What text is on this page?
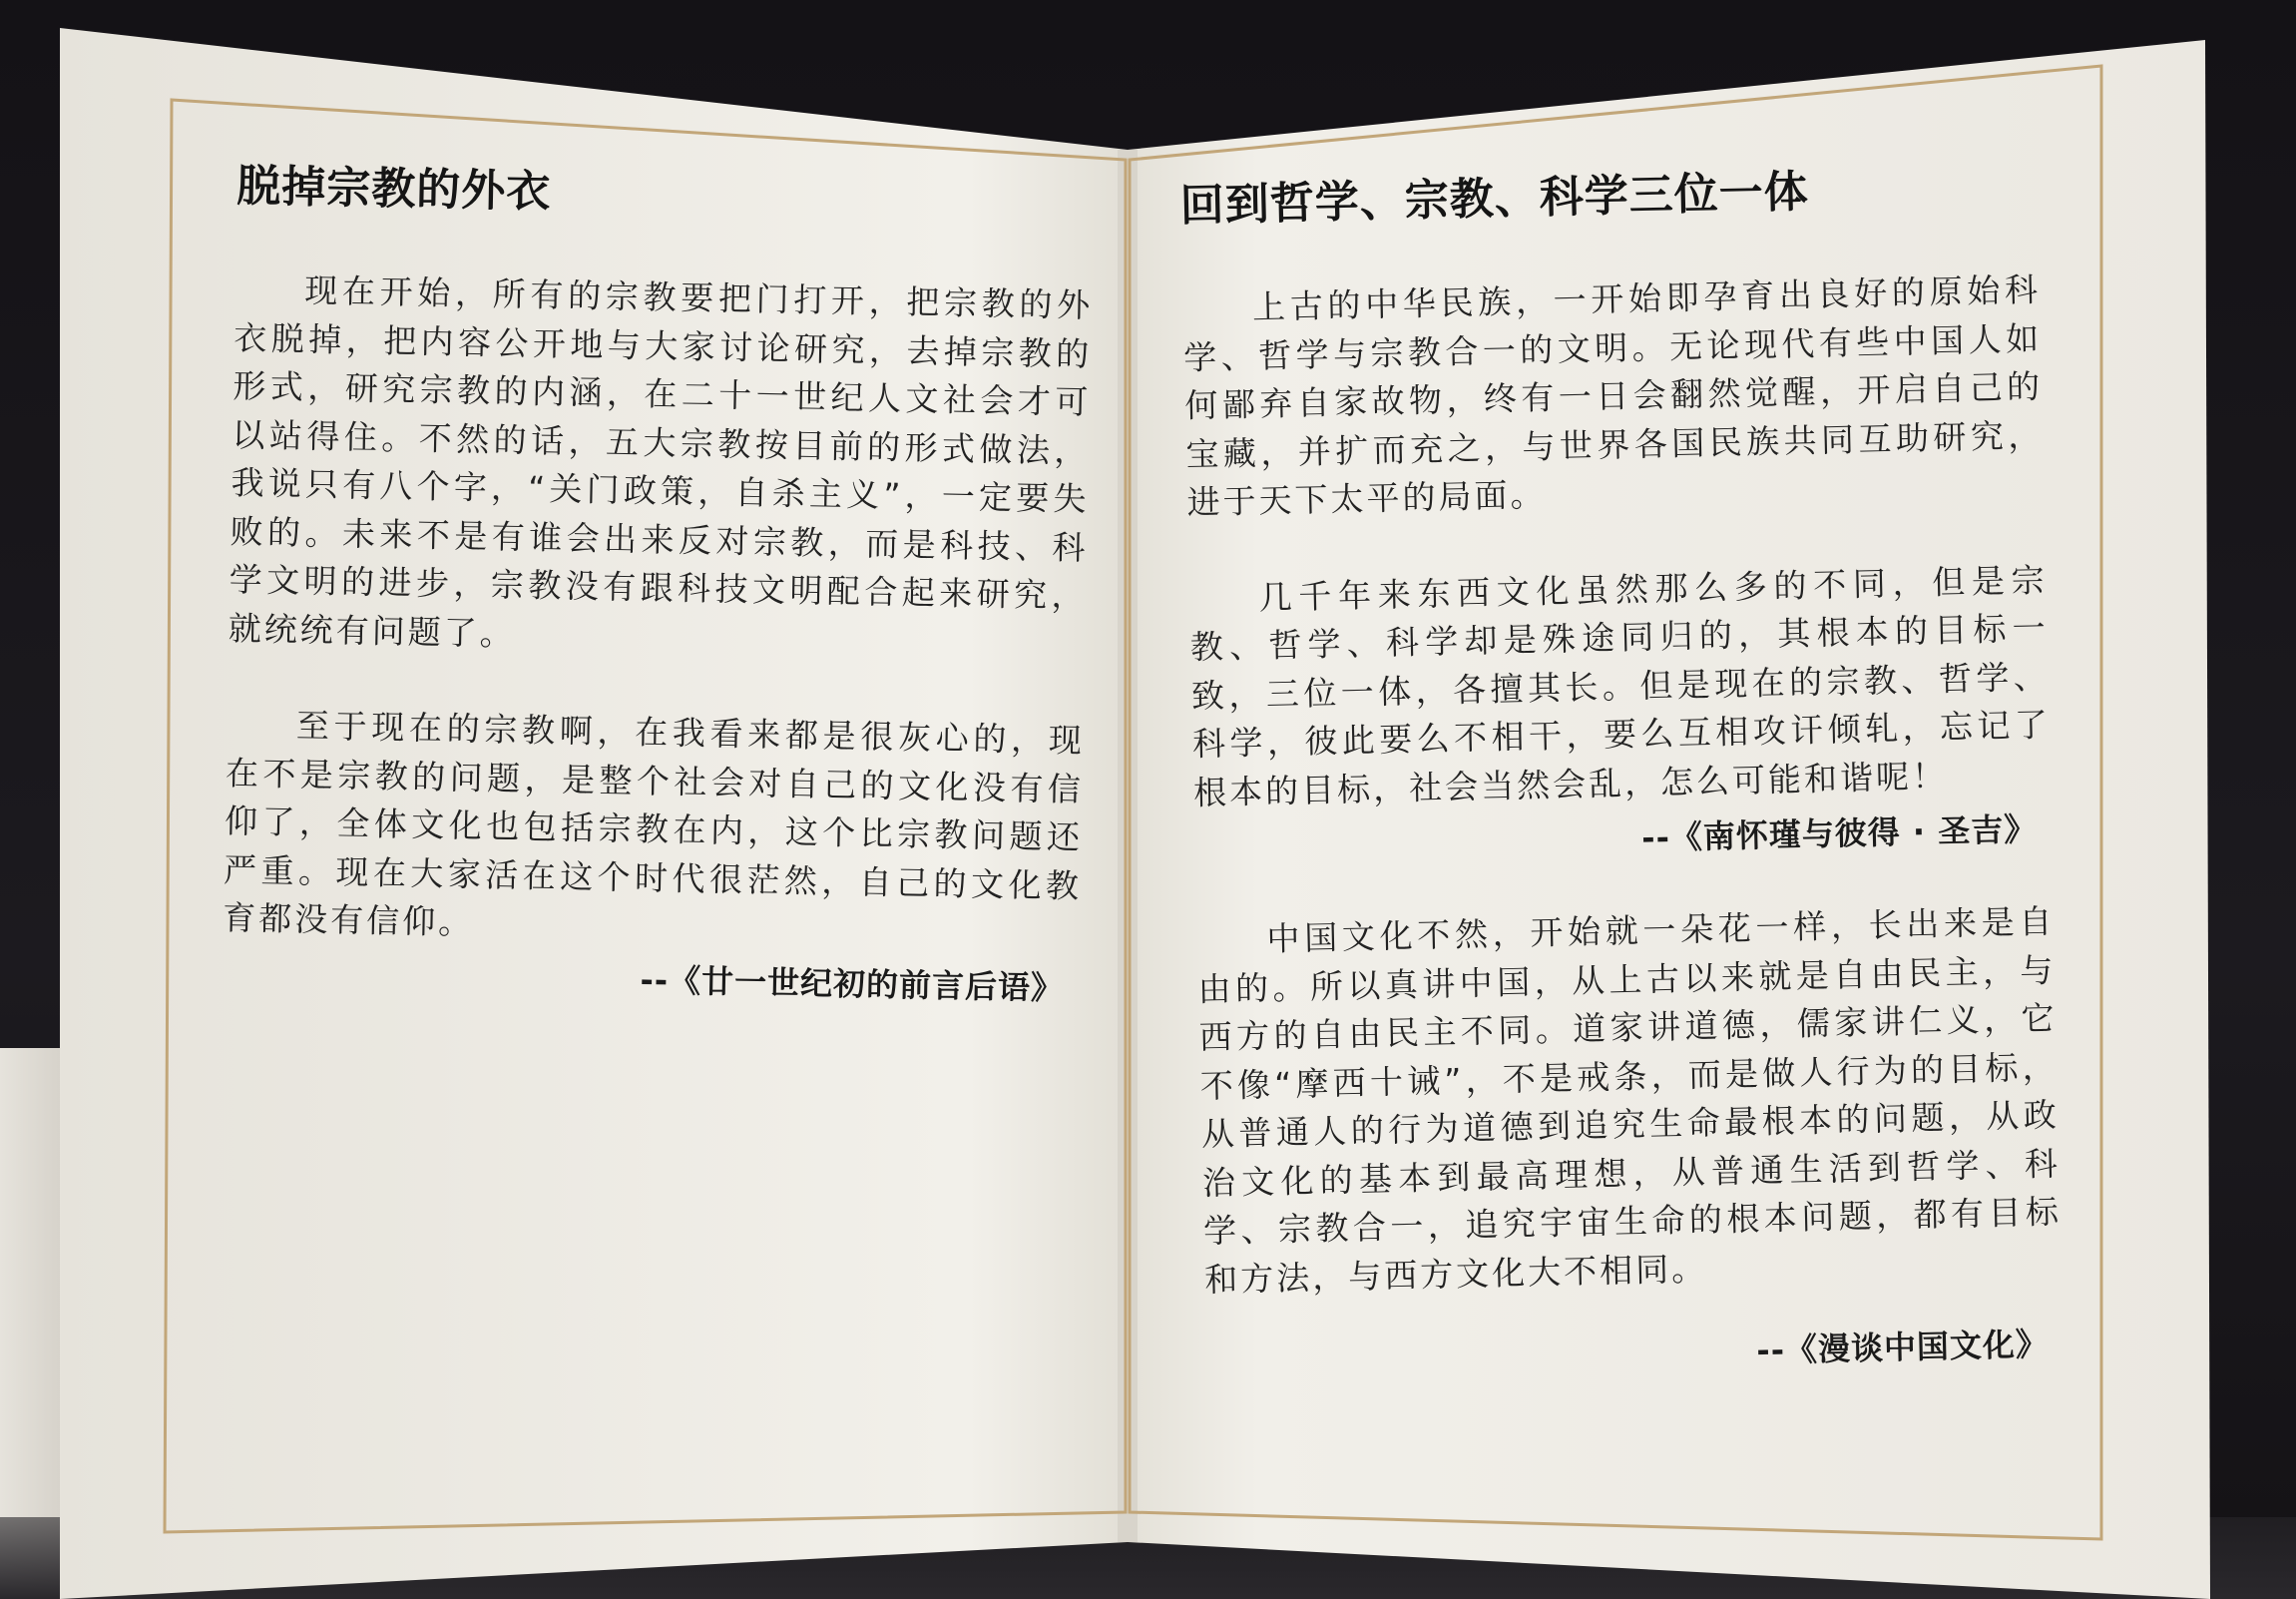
脱掉宗教的外衣

现在开始，所有的宗教要把门打开，把宗教的外衣脱掉，把内容公开地与大家讨论研究，去掉宗教的形式，研究宗教的内涵，在二十一世纪人文社会才可以站得住。不然的话，五大宗教按目前的形式做法，我说只有八个字，“关门政策，自杀主义”，一定要失败的。未来不是有谁会出来反对宗教，而是科技、科学文明的进步，宗教没有跟科技文明配合起来研究，就统统有问题了。

至于现在的宗教啊，在我看来都是很灰心的，现在不是宗教的问题，是整个社会对自己的文化没有信仰了，全体文化也包括宗教在内，这个比宗教问题还严重。现在大家活在这个时代很茫然，自己的文化教育都没有信仰。

--《廿一世纪初的前言后语》
回到哲学、宗教、科学三位一体

上古的中华民族，一开始即孕育出良好的原始科学、哲学与宗教合一的文明。无论现代有些中国人如何鄙弃自家故物，终有一日会翻然觉醒，开启自己的宝藏，并扩而充之，与世界各国民族共同互助研究，进于天下太平的局面。

几千年来东西文化虽然那么多的不同，但是宗教、哲学、科学却是殊途同归的，其根本的目标一致，三位一体，各擅其长。但是现在的宗教、哲学、科学，彼此要么不相干，要么互相攻讦倾轧，忘记了根本的目标，社会当然会乱，怎么可能和谐呢！

--《南怀瑾与彼得 · 圣吉》

中国文化不然，开始就一朵花一样，长出来是自由的。所以真讲中国，从上古以来就是自由民主，与西方的自由民主不同。道家讲道德，儒家讲仁义，它不像“摩西十诫”，不是戒条，而是做人行为的目标，从普通人的行为道德到追究生命最根本的问题，从政治文化的基本到最高理想，从普通生活到哲学、科学、宗教合一，追究宇宙生命的根本问题，都有目标和方法，与西方文化大不相同。

--《漫谈中国文化》
